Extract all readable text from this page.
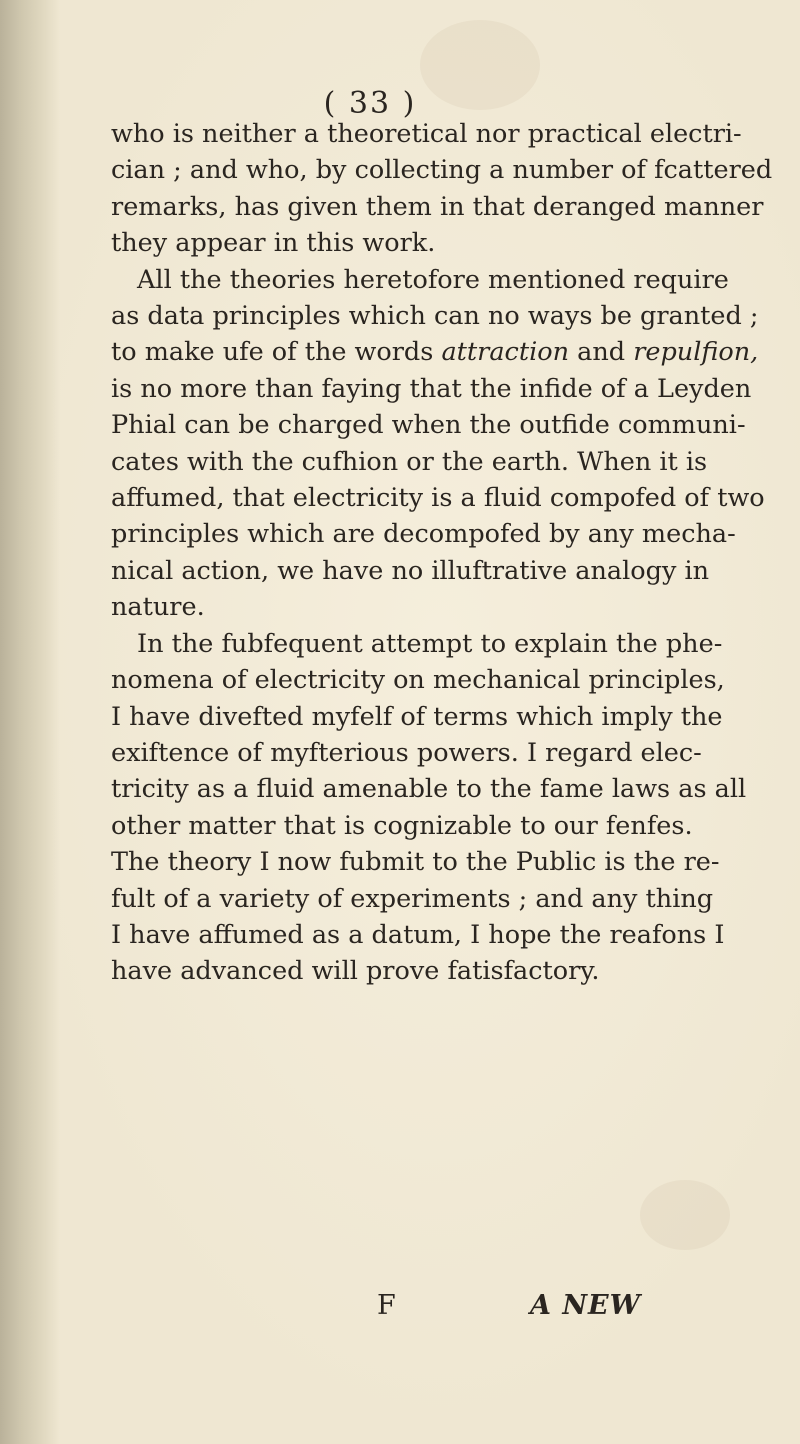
( 33 )
who is neither a theoretical nor practical electri-
cian ; and who, by collecting a number of fcattered
remarks, has given them in that deranged manner
they appear in this work.
All the theories heretofore mentioned require
as data principles which can no ways be granted ;
to make ufe of the words attraction and repulfion,
is no more than faying that the infide of a Leyden
Phial can be charged when the outfide communi-
cates with the cufhion or the earth. When it is
affumed, that electricity is a fluid compofed of two
principles which are decompofed by any mecha-
nical action, we have no illuftrative analogy in
nature.
In the fubfequent attempt to explain the phe-
nomena of electricity on mechanical principles,
I have divefted myfelf of terms which imply the
exiftence of myfterious powers. I regard elec-
tricity as a fluid amenable to the fame laws as all
other matter that is cognizable to our fenfes.
The theory I now fubmit to the Public is the re-
fult of a variety of experiments ; and any thing
I have affumed as a datum, I hope the reafons I
have advanced will prove fatisfactory.
F	A NEW
